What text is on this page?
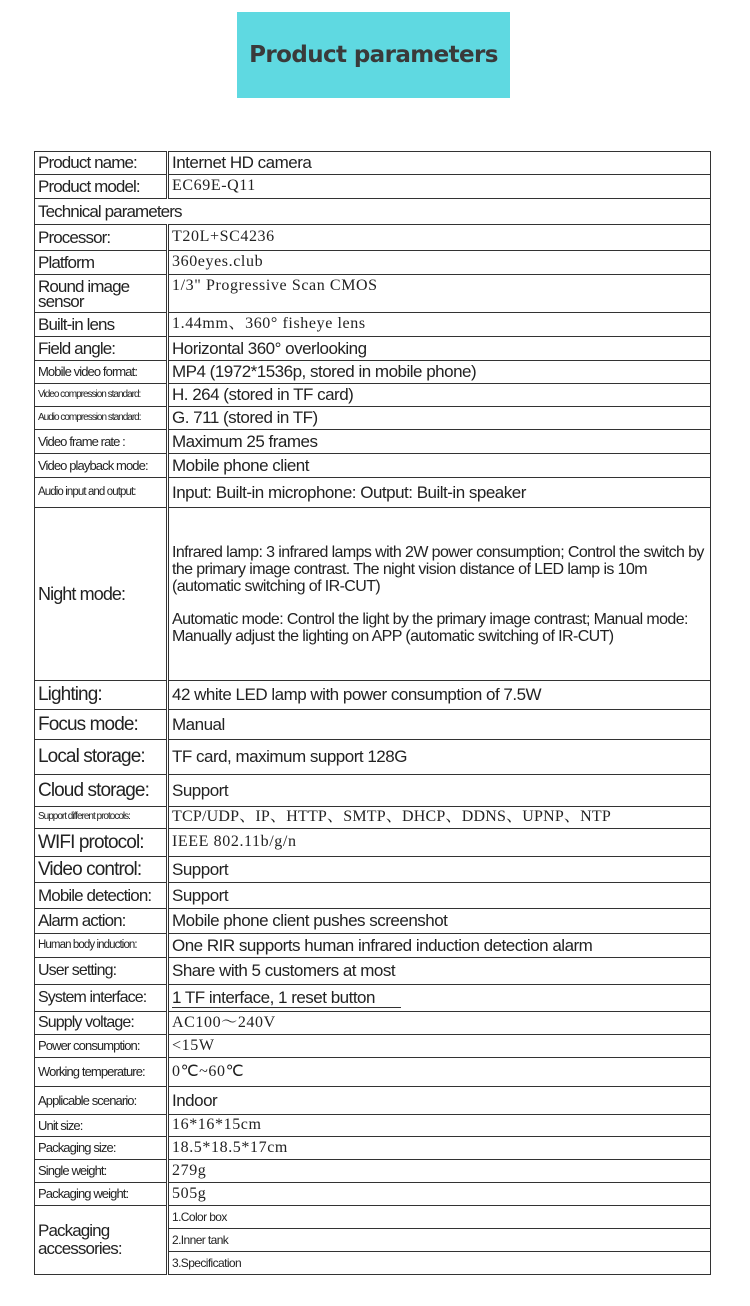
Product parameters
Product name:	Internet HD camera
Product model:	EC69E-Q11
Technical parameters	
Processor:	T20L+SC4236
Platform	360eyes.club
Round image sensor	1/3" Progressive Scan CMOS
Built-in lens	1.44mm、360° fisheye lens
Field angle:	Horizontal 360° overlooking
Mobile video format:	MP4 (1972*1536p, stored in mobile phone)
Video compression standard:	H. 264 (stored in TF card)
Audio compression standard:	G. 711 (stored in TF)
Video frame rate :	Maximum 25 frames
Video playback mode:	Mobile phone client
Audio input and output:	Input: Built-in microphone: Output: Built-in speaker
Night mode:	Infrared lamp: 3 infrared lamps with 2W power consumption; Control the switch by the primary image contrast. The night vision distance of LED lamp is 10m (automatic switching of IR-CUT)

Automatic mode: Control the light by the primary image contrast; Manual mode: Manually adjust the lighting on APP (automatic switching of IR-CUT)

Lighting:	42 white LED lamp with power consumption of 7.5W
Focus mode:	Manual
Local storage:	TF card, maximum support 128G
Cloud storage:	Support
Support different protocols:	TCP/UDP、IP、HTTP、SMTP、DHCP、DDNS、UPNP、NTP
WIFI protocol:	IEEE 802.11b/g/n
Video control:	Support
Mobile detection:	Support
Alarm action:	Mobile phone client pushes screenshot
Human body induction:	One RIR supports human infrared induction detection alarm
User setting:	Share with 5 customers at most
System interface:	1 TF interface, 1 reset button
Supply voltage:	AC100～240V
Power consumption:	<15W
Working temperature:	0℃~60℃
Applicable scenario:	Indoor
Unit size:	16*16*15cm
Packaging size:	18.5*18.5*17cm
Single weight:	279g
Packaging weight:	505g
Packaging accessories:	1.Color box
2.Inner tank
3.Specification
